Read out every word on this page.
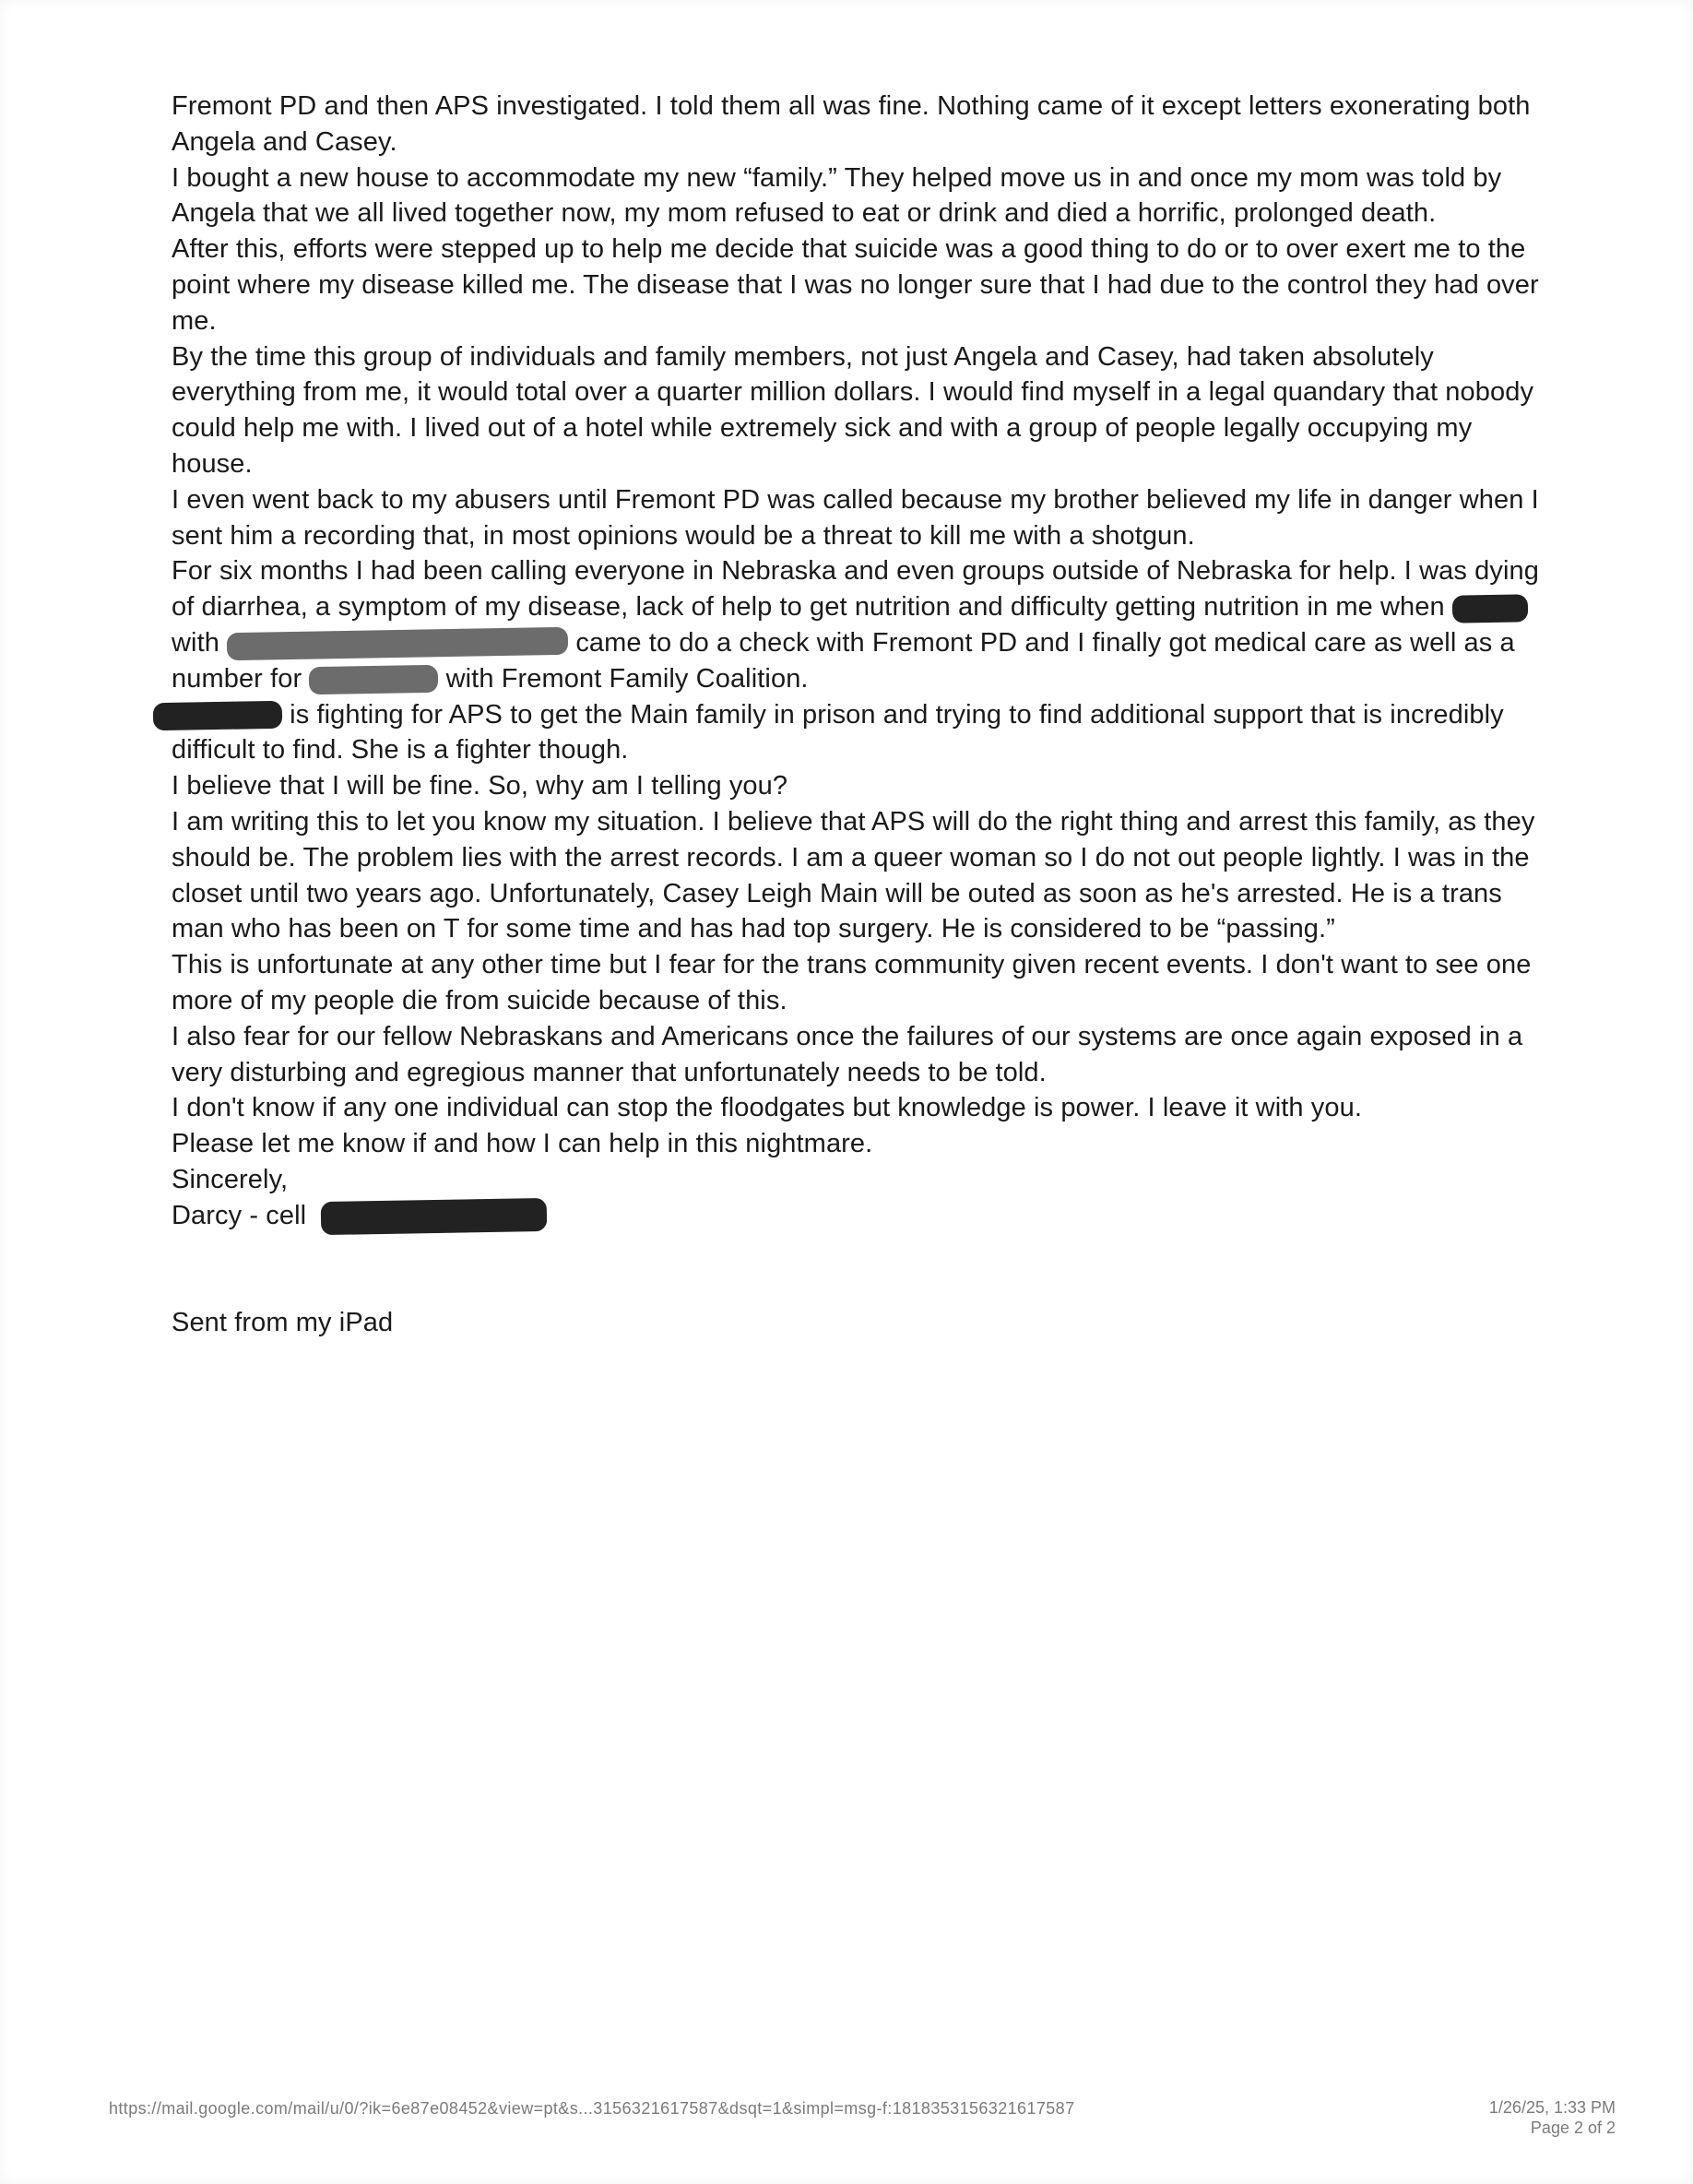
Fremont PD and then APS investigated. I told them all was fine. Nothing came of it except letters exonerating both Angela and Casey.

I bought a new house to accommodate my new “family.” They helped move us in and once my mom was told by Angela that we all lived together now, my mom refused to eat or drink and died a horrific, prolonged death.

After this, efforts were stepped up to help me decide that suicide was a good thing to do or to over exert me to the point where my disease killed me. The disease that I was no longer sure that I had due to the control they had over me.

By the time this group of individuals and family members, not just Angela and Casey, had taken absolutely everything from me, it would total over a quarter million dollars. I would find myself in a legal quandary that nobody could help me with. I lived out of a hotel while extremely sick and with a group of people legally occupying my house.

I even went back to my abusers until Fremont PD was called because my brother believed my life in danger when I sent him a recording that, in most opinions would be a threat to kill me with a shotgun.

For six months I had been calling everyone in Nebraska and even groups outside of Nebraska for help. I was dying of diarrhea, a symptom of my disease, lack of help to get nutrition and difficulty getting nutrition in me when  with	came to do a check with Fremont PD and I finally got medical care as well as a number for	with Fremont Family Coalition.

is fighting for APS to get the Main family in prison and trying to find additional support that is incredibly difficult to find. She is a fighter though.

I believe that I will be fine. So, why am I telling you?

I am writing this to let you know my situation. I believe that APS will do the right thing and arrest this family, as they should be. The problem lies with the arrest records. I am a queer woman so I do not out people lightly. I was in the closet until two years ago. Unfortunately, Casey Leigh Main will be outed as soon as he's arrested. He is a trans man who has been on T for some time and has had top surgery. He is considered to be “passing.”

This is unfortunate at any other time but I fear for the trans community given recent events. I don't want to see one more of my people die from suicide because of this.

I also fear for our fellow Nebraskans and Americans once the failures of our systems are once again exposed in a very disturbing and egregious manner that unfortunately needs to be told.

I don't know if any one individual can stop the floodgates but knowledge is power. I leave it with you.

Please let me know if and how I can help in this nightmare.

Sincerely,

Darcy - cell

Sent from my iPad

https://mail.google.com/mail/u/0/?ik=6e87e08452&view=pt&s...3156321617587&dsqt=1&simpl=msg-f:1818353156321617587	1/26/25, 1:33 PM
Page 2 of 2
